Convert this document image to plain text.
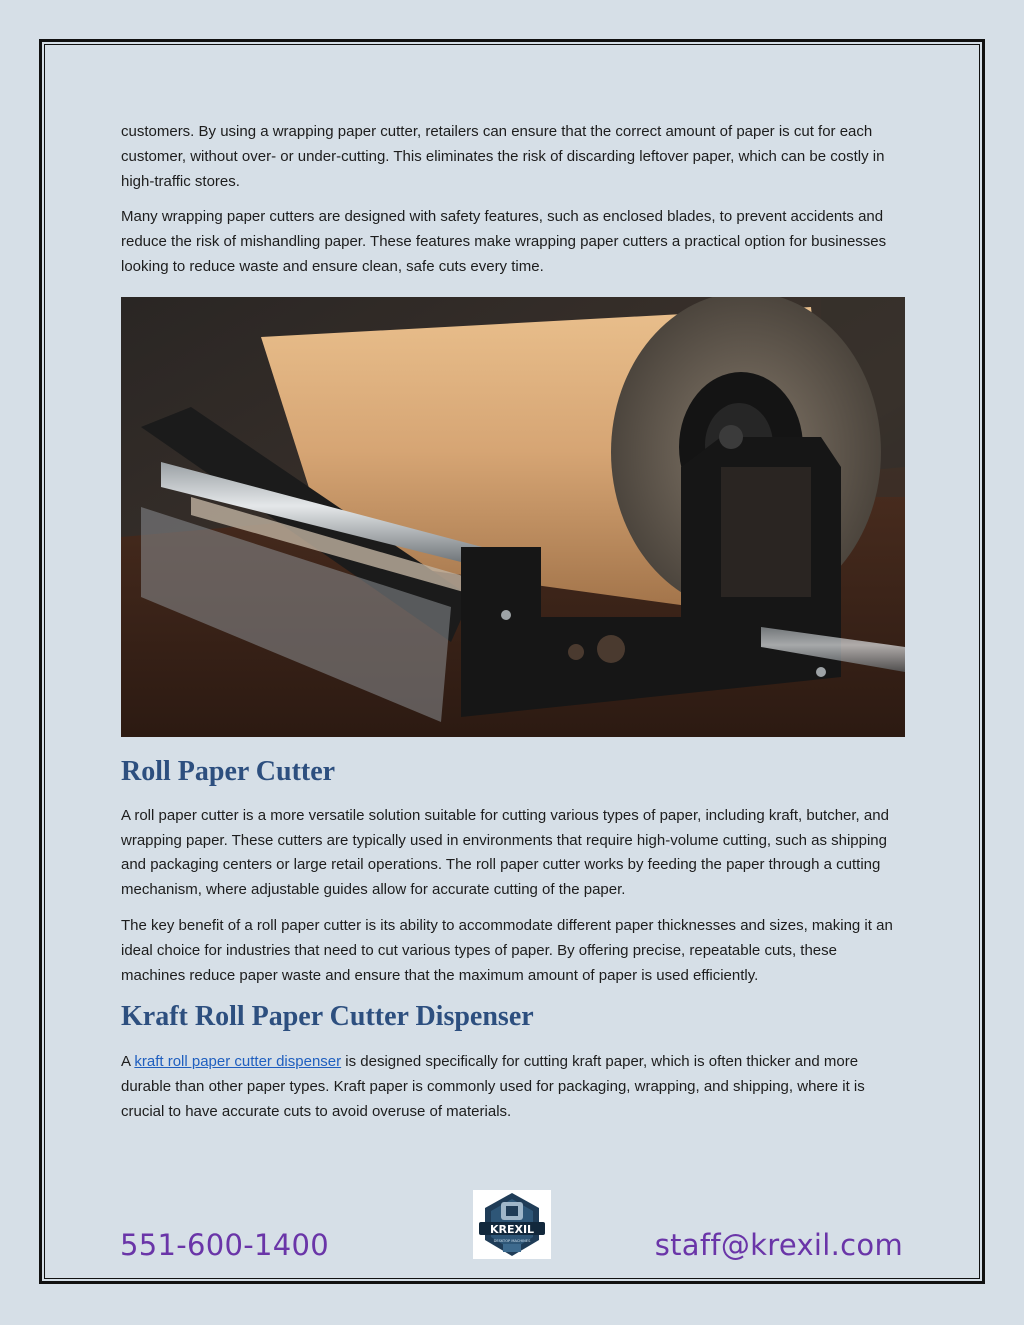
customers. By using a wrapping paper cutter, retailers can ensure that the correct amount of paper is cut for each customer, without over- or under-cutting. This eliminates the risk of discarding leftover paper, which can be costly in high-traffic stores.

Many wrapping paper cutters are designed with safety features, such as enclosed blades, to prevent accidents and reduce the risk of mishandling paper. These features make wrapping paper cutters a practical option for businesses looking to reduce waste and ensure clean, safe cuts every time.

Roll Paper Cutter

A roll paper cutter is a more versatile solution suitable for cutting various types of paper, including kraft, butcher, and wrapping paper. These cutters are typically used in environments that require high-volume cutting, such as shipping and packaging centers or large retail operations. The roll paper cutter works by feeding the paper through a cutting mechanism, where adjustable guides allow for accurate cutting of the paper.

The key benefit of a roll paper cutter is its ability to accommodate different paper thicknesses and sizes, making it an ideal choice for industries that need to cut various types of paper. By offering precise, repeatable cuts, these machines reduce paper waste and ensure that the maximum amount of paper is used efficiently.

Kraft Roll Paper Cutter Dispenser

A kraft roll paper cutter dispenser is designed specifically for cutting kraft paper, which is often thicker and more durable than other paper types. Kraft paper is commonly used for packaging, wrapping, and shipping, where it is crucial to have accurate cuts to avoid overuse of materials.

551-600-1400	staff@krexil.com
KREXIL
DESKTOP MACHINES
